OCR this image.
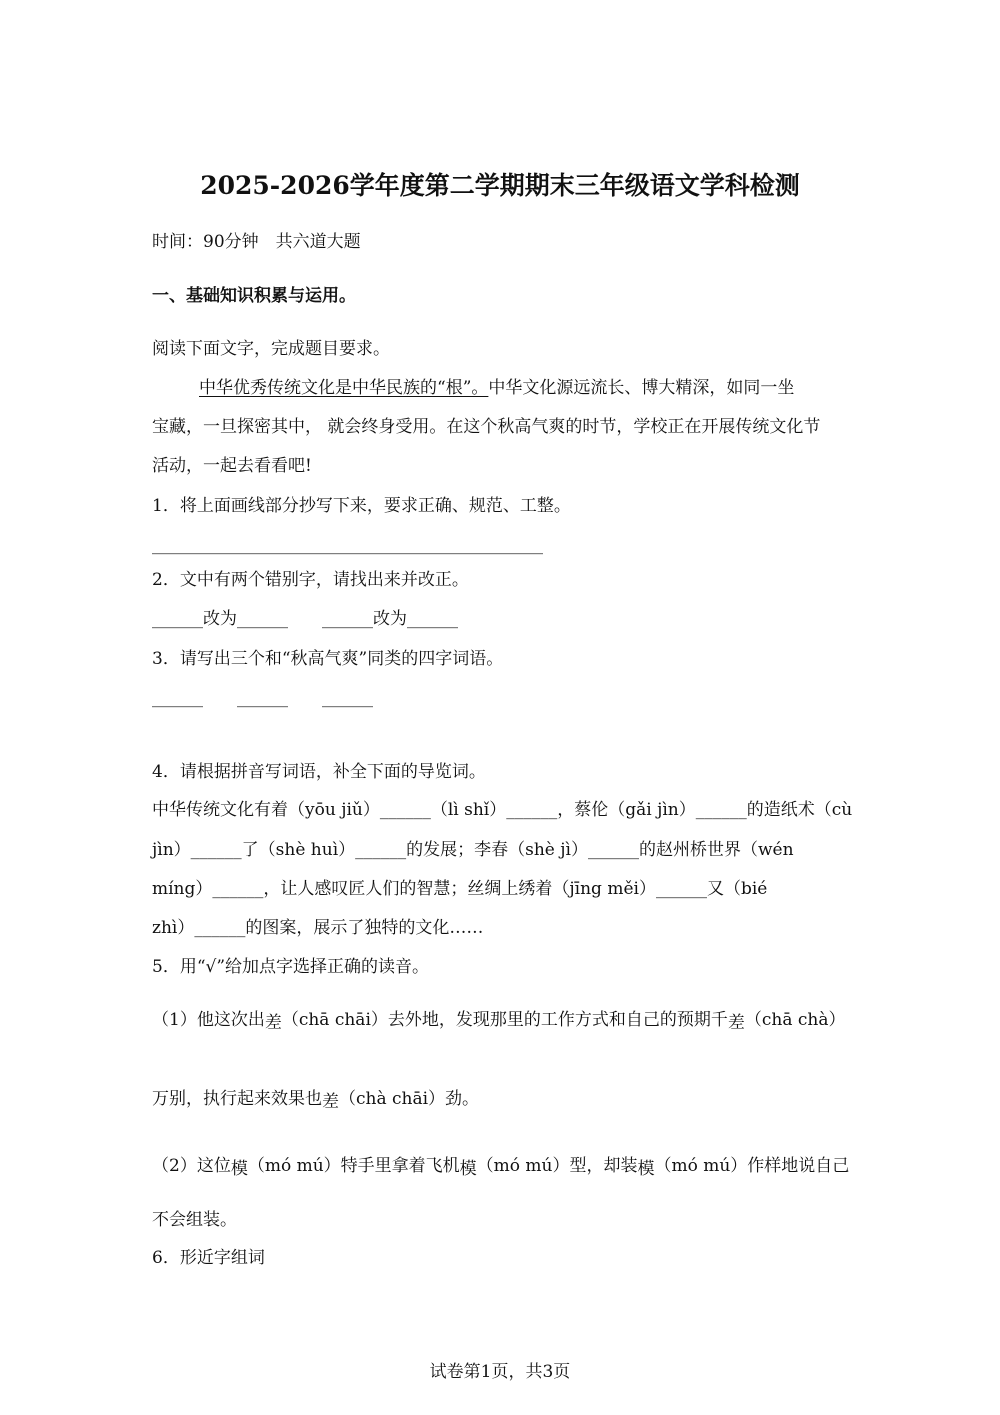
2025-2026学年度第二学期期末三年级语文学科检测
时间：90分钟　共六道大题
一、基础知识积累与运用。
阅读下面文字，完成题目要求。
中华优秀传统文化是中华民族的“根”。中华文化源远流长、博大精深，如同一坐
宝藏，一旦探密其中， 就会终身受用。在这个秋高气爽的时节，学校正在开展传统文化节
活动，一起去看看吧!
1．将上面画线部分抄写下来，要求正确、规范、工整。
______________________________________________
2．文中有两个错别字，请找出来并改正。
______改为______　　______改为______
3．请写出三个和“秋高气爽”同类的四字词语。
______　　______　　______
4．请根据拼音写词语，补全下面的导览词。
中华传统文化有着（yōu jiǔ）______（lì shǐ）______，蔡伦（gǎi jìn）______的造纸术（cù
jìn）______了（shè huì）______的发展；李春（shè jì）______的赵州桥世界（wén
míng）______，让人感叹匠人们的智慧；丝绸上绣着（jīng měi）______又（bié
zhì）______的图案，展示了独特的文化……
5．用“√”给加点字选择正确的读音。
（1）他这次出差（chā chāi）去外地，发现那里的工作方式和自己的预期千差（chā chà）
万别，执行起来效果也差（chà chāi）劲。
（2）这位模（mó mú）特手里拿着飞机模（mó mú）型，却装模（mó mú）作样地说自己
不会组装。
6．形近字组词
试卷第1页，共3页
